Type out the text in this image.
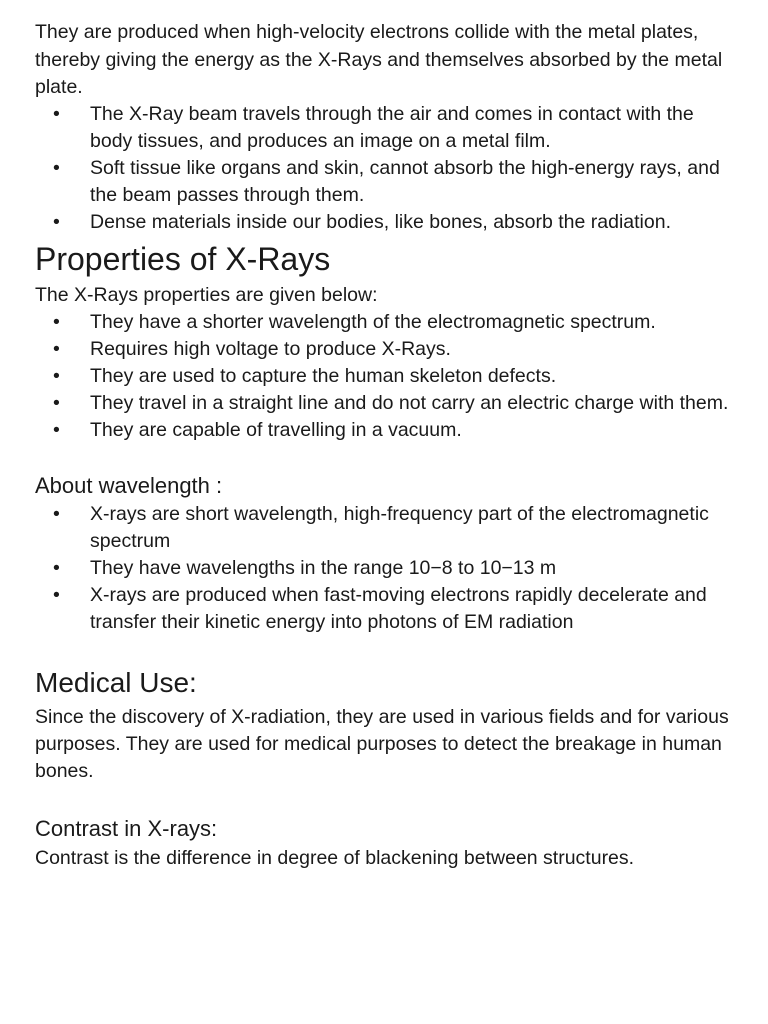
They are produced when high-velocity electrons collide with the metal plates, thereby giving the energy as the X-Rays and themselves absorbed by the metal plate.

• The X-Ray beam travels through the air and comes in contact with the body tissues, and produces an image on a metal film.
• Soft tissue like organs and skin, cannot absorb the high-energy rays, and the beam passes through them.
• Dense materials inside our bodies, like bones, absorb the radiation.
Properties of X-Rays

The X-Rays properties are given below:

• They have a shorter wavelength of the electromagnetic spectrum.
• Requires high voltage to produce X-Rays.
• They are used to capture the human skeleton defects.
• They travel in a straight line and do not carry an electric charge with them.
• They are capable of travelling in a vacuum.
About wavelength :
• X-rays are short wavelength, high-frequency part of the electromagnetic spectrum
• They have wavelengths in the range 10−8 to 10−13 m
• X-rays are produced when fast-moving electrons rapidly decelerate and transfer their kinetic energy into photons of EM radiation
Medical Use:

Since the discovery of X-radiation, they are used in various fields and for various purposes. They are used for medical purposes to detect the breakage in human bones.

Contrast in X-rays:

Contrast is the difference in degree of blackening between structures.
